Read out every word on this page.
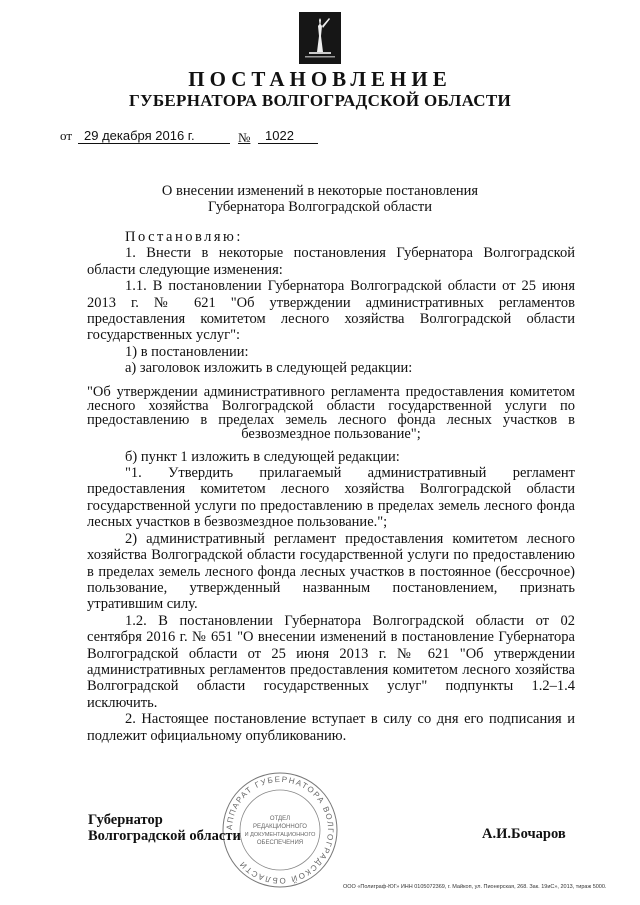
ПОСТАНОВЛЕНИЕ
ГУБЕРНАТОРА ВОЛГОГРАДСКОЙ ОБЛАСТИ
от 29 декабря 2016 г.	№ 1022
О внесении изменений в некоторые постановления
Губернатора Волгоградской области

Постановляю:

1. Внести в некоторые постановления Губернатора Волгоградской области следующие изменения:

1.1. В постановлении Губернатора Волгоградской области от 25 июня 2013 г. № 621 "Об утверждении административных регламентов предоставления комитетом лесного хозяйства Волгоградской области государственных услуг":

1) в постановлении:

а) заголовок изложить в следующей редакции:

"Об утверждении административного регламента предоставления комитетом лесного хозяйства Волгоградской области государственной услуги по предоставлению в пределах земель лесного фонда лесных участков в безвозмездное пользование";

б) пункт 1 изложить в следующей редакции:

"1. Утвердить прилагаемый административный регламент предоставления комитетом лесного хозяйства Волгоградской области государственной услуги по предоставлению в пределах земель лесного фонда лесных участков в безвозмездное пользование.";

2) административный регламент предоставления комитетом лесного хозяйства Волгоградской области государственной услуги по предоставлению в пределах земель лесного фонда лесных участков в постоянное (бессрочное) пользование, утвержденный названным постановлением, признать утратившим силу.

1.2. В постановлении Губернатора Волгоградской области от 02 сентября 2016 г. № 651 "О внесении изменений в постановление Губернатора Волгоградской области от 25 июня 2013 г. № 621 "Об утверждении административных регламентов предоставления комитетом лесного хозяйства Волгоградской области государственных услуг" подпункты 1.2–1.4 исключить.

2. Настоящее постановление вступает в силу со дня его подписания и подлежит официальному опубликованию.

АППАРАТ ГУБЕРНАТОРА ВОЛГОГРАДСКОЙ ОБЛАСТИ
ОТДЕЛ
РЕДАКЦИОННОГО
И ДОКУМЕНТАЦИОННОГО
ОБЕСПЕЧЕНИЯ
Губернатор
Волгоградской области	А.И.Бочаров
ООО «Полиграф-ЮГ» ИНН 0105072369, г. Майкоп, ул. Пионерская, 268. Зак. 19иС», 2013, тираж 5000.
